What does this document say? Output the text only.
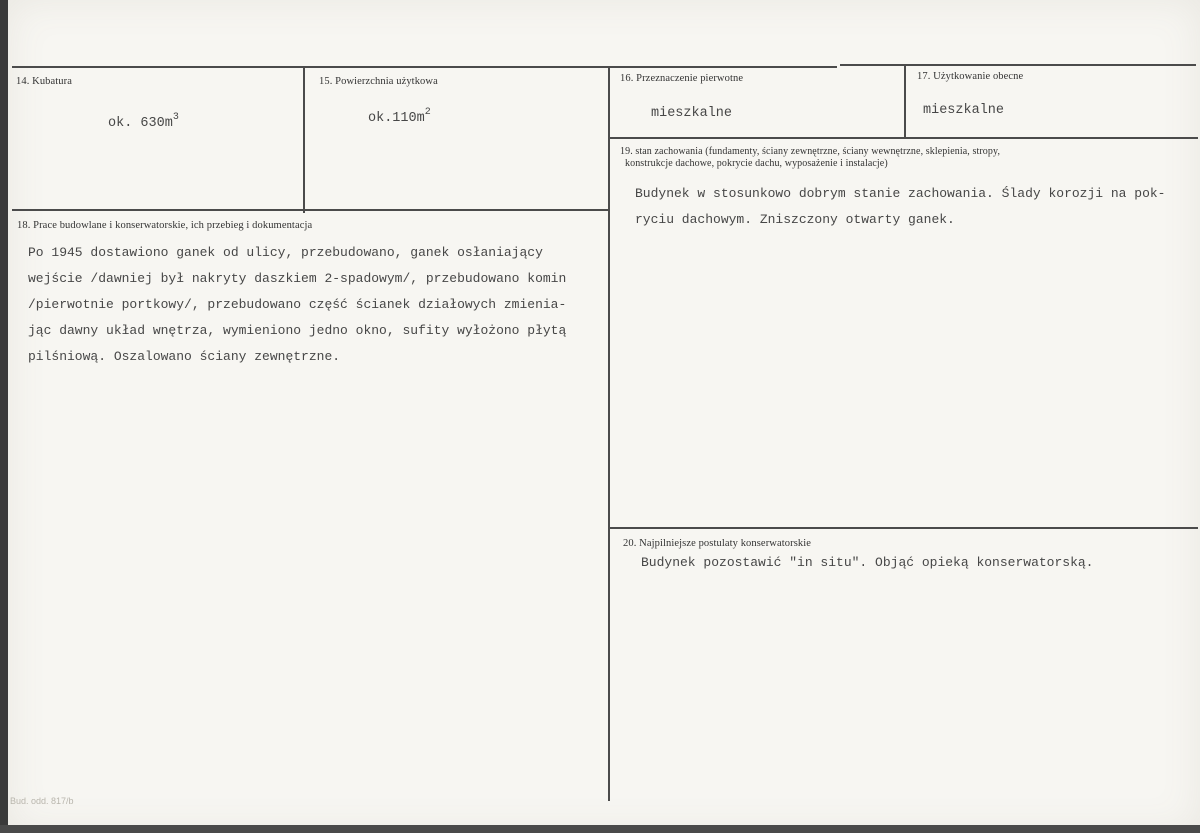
14. Kubatura
ok. $630m^3$
15. Powierzchnia użytkowa
$ok.110m^2$
16. Przeznaczenie pierwotne
mieszkalne
17. Użytkowanie obecne
mieszkalne
18. Prace budowlane i konserwatorskie, ich przebieg i dokumentacja
Po 1945 dostawiono ganek od ulicy, przebudowano, ganek osłaniający
wejście /dawniej był nakryty daszkiem 2-spadowym/, przebudowano komin
/pierwotnie portkowy/, przebudowano część ścianek działowych zmienia-
jąc dawny układ wnętrza, wymieniono jedno okno, sufity wyłożono płytą
pilśniową. Oszalowano ściany zewnętrzne.
19. stan zachowania (fundamenty, ściany zewnętrzne, ściany wewnętrzne, sklepienia, stropy,
konstrukcje dachowe, pokrycie dachu, wyposażenie i instalacje)
Budynek w stosunkowo dobrym stanie zachowania. Ślady korozji na pok-
ryciu dachowym. Zniszczony otwarty ganek.
20. Najpilniejsze postulaty konserwatorskie
Budynek pozostawić "in situ". Objąć opieką konserwatorską.
Bud. odd. 817/b
